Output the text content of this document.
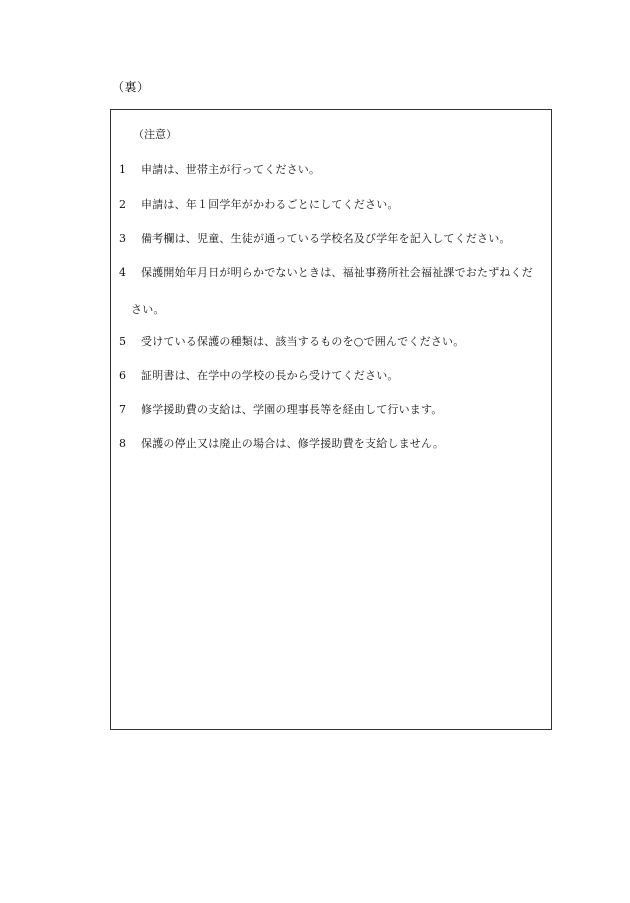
（裏）
（注意）
1 申請は、世帯主が行ってください。
2 申請は、年１回学年がかわるごとにしてください。
3 備考欄は、児童、生徒が通っている学校名及び学年を記入してください。
4 保護開始年月日が明らかでないときは、福祉事務所社会福祉課でおたずねくだ
さい。
5 受けている保護の種類は、該当するものを○で囲んでください。
6 証明書は、在学中の学校の長から受けてください。
7 修学援助費の支給は、学園の理事長等を経由して行います。
8 保護の停止又は廃止の場合は、修学援助費を支給しません。
